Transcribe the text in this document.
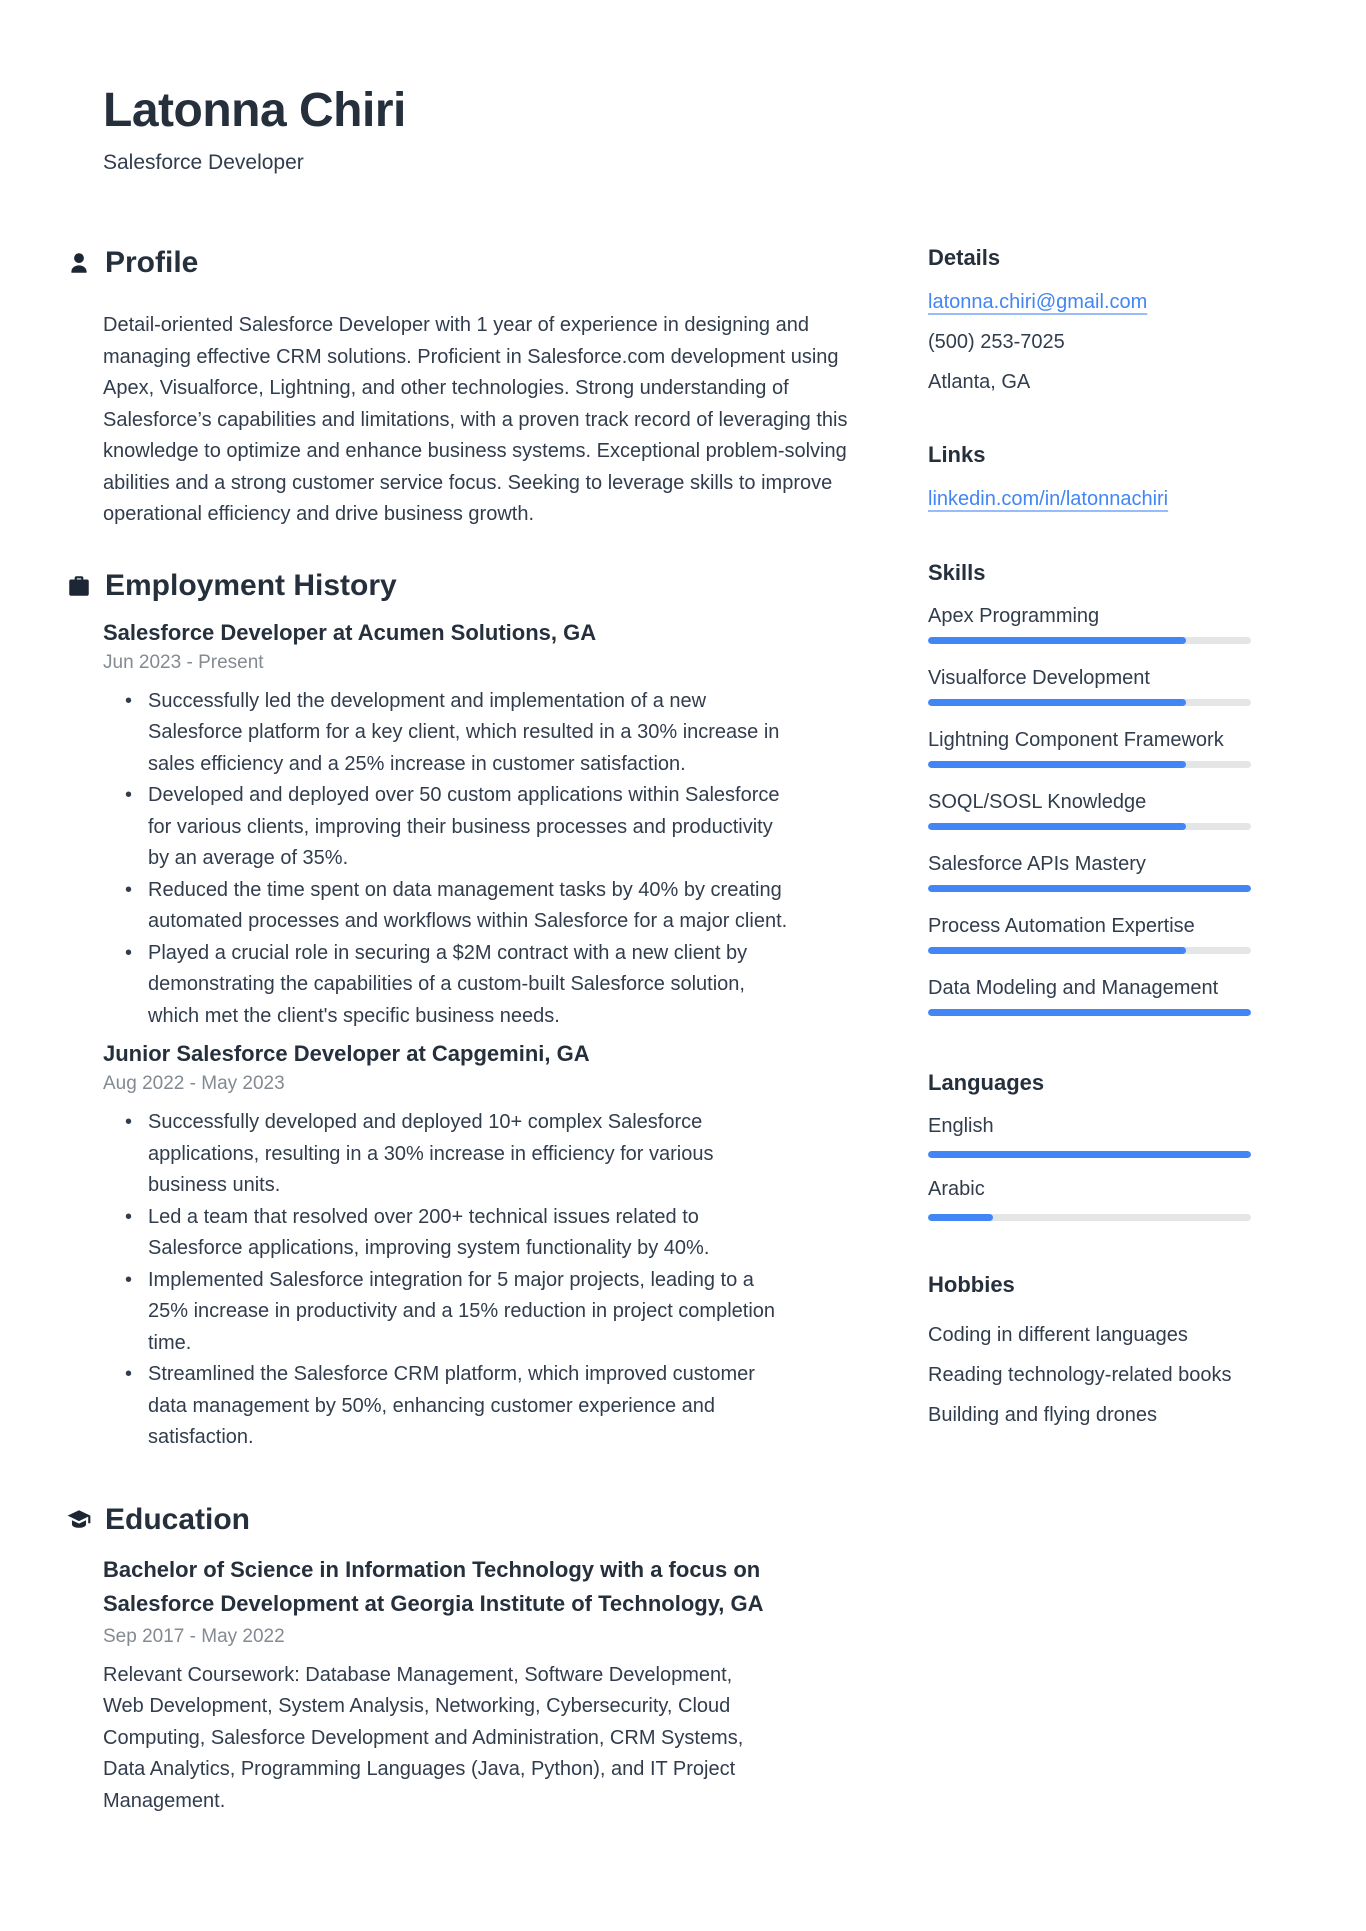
Latonna Chiri
Salesforce Developer
Profile

Detail-oriented Salesforce Developer with 1 year of experience in designing and managing effective CRM solutions. Proficient in Salesforce.com development using Apex, Visualforce, Lightning, and other technologies. Strong understanding of Salesforce’s capabilities and limitations, with a proven track record of leveraging this knowledge to optimize and enhance business systems. Exceptional problem-solving abilities and a strong customer service focus. Seeking to leverage skills to improve operational efficiency and drive business growth.

Employment History
Salesforce Developer at Acumen Solutions, GA
Jun 2023 - Present
• Successfully led the development and implementation of a new Salesforce platform for a key client, which resulted in a 30% increase in sales efficiency and a 25% increase in customer satisfaction.
• Developed and deployed over 50 custom applications within Salesforce for various clients, improving their business processes and productivity by an average of 35%.
• Reduced the time spent on data management tasks by 40% by creating automated processes and workflows within Salesforce for a major client.
• Played a crucial role in securing a $2M contract with a new client by demonstrating the capabilities of a custom-built Salesforce solution, which met the client's specific business needs.
Junior Salesforce Developer at Capgemini, GA
Aug 2022 - May 2023
• Successfully developed and deployed 10+ complex Salesforce applications, resulting in a 30% increase in efficiency for various business units.
• Led a team that resolved over 200+ technical issues related to Salesforce applications, improving system functionality by 40%.
• Implemented Salesforce integration for 5 major projects, leading to a 25% increase in productivity and a 15% reduction in project completion time.
• Streamlined the Salesforce CRM platform, which improved customer data management by 50%, enhancing customer experience and satisfaction.
Education
Bachelor of Science in Information Technology with a focus on Salesforce Development at Georgia Institute of Technology, GA
Sep 2017 - May 2022

Relevant Coursework: Database Management, Software Development, Web Development, System Analysis, Networking, Cybersecurity, Cloud Computing, Salesforce Development and Administration, CRM Systems, Data Analytics, Programming Languages (Java, Python), and IT Project Management.

Details
latonna.chiri@gmail.com
(500) 253-7025
Atlanta, GA
Links
linkedin.com/in/latonnachiri
Skills
Apex Programming
Visualforce Development
Lightning Component Framework
SOQL/SOSL Knowledge
Salesforce APIs Mastery
Process Automation Expertise
Data Modeling and Management
Languages
English
Arabic
Hobbies
Coding in different languages
Reading technology-related books
Building and flying drones
